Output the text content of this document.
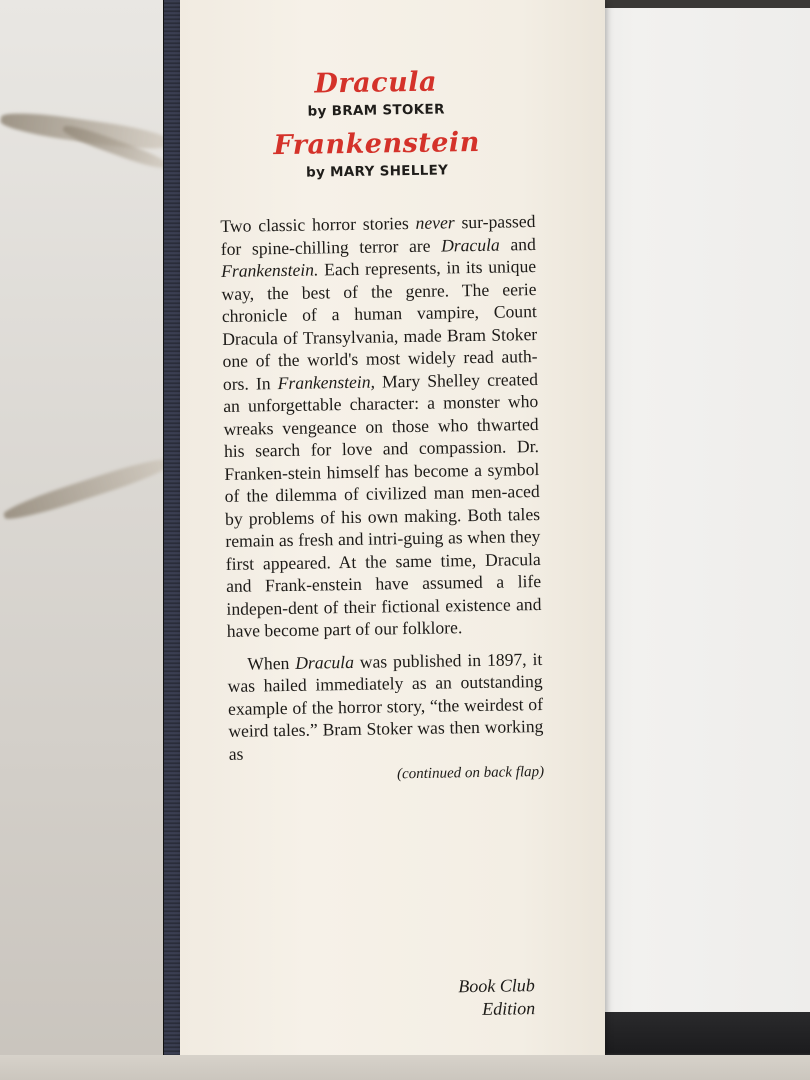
Dracula
by BRAM STOKER
Frankenstein
by MARY SHELLEY

Two classic horror stories never sur-passed for spine-chilling terror are Dracula and Frankenstein. Each represents, in its unique way, the best of the genre. The eerie chronicle of a human vampire, Count Dracula of Transylvania, made Bram Stoker one of the world's most widely read auth-ors. In Frankenstein, Mary Shelley created an unforgettable character: a monster who wreaks vengeance on those who thwarted his search for love and compassion. Dr. Franken-stein himself has become a symbol of the dilemma of civilized man men-aced by problems of his own making. Both tales remain as fresh and intri-guing as when they first appeared. At the same time, Dracula and Frank-enstein have assumed a life indepen-dent of their fictional existence and have become part of our folklore.

When Dracula was published in 1897, it was hailed immediately as an outstanding example of the horror story, “the weirdest of weird tales.” Bram Stoker was then working as

(continued on back flap)
Book Club
Edition
